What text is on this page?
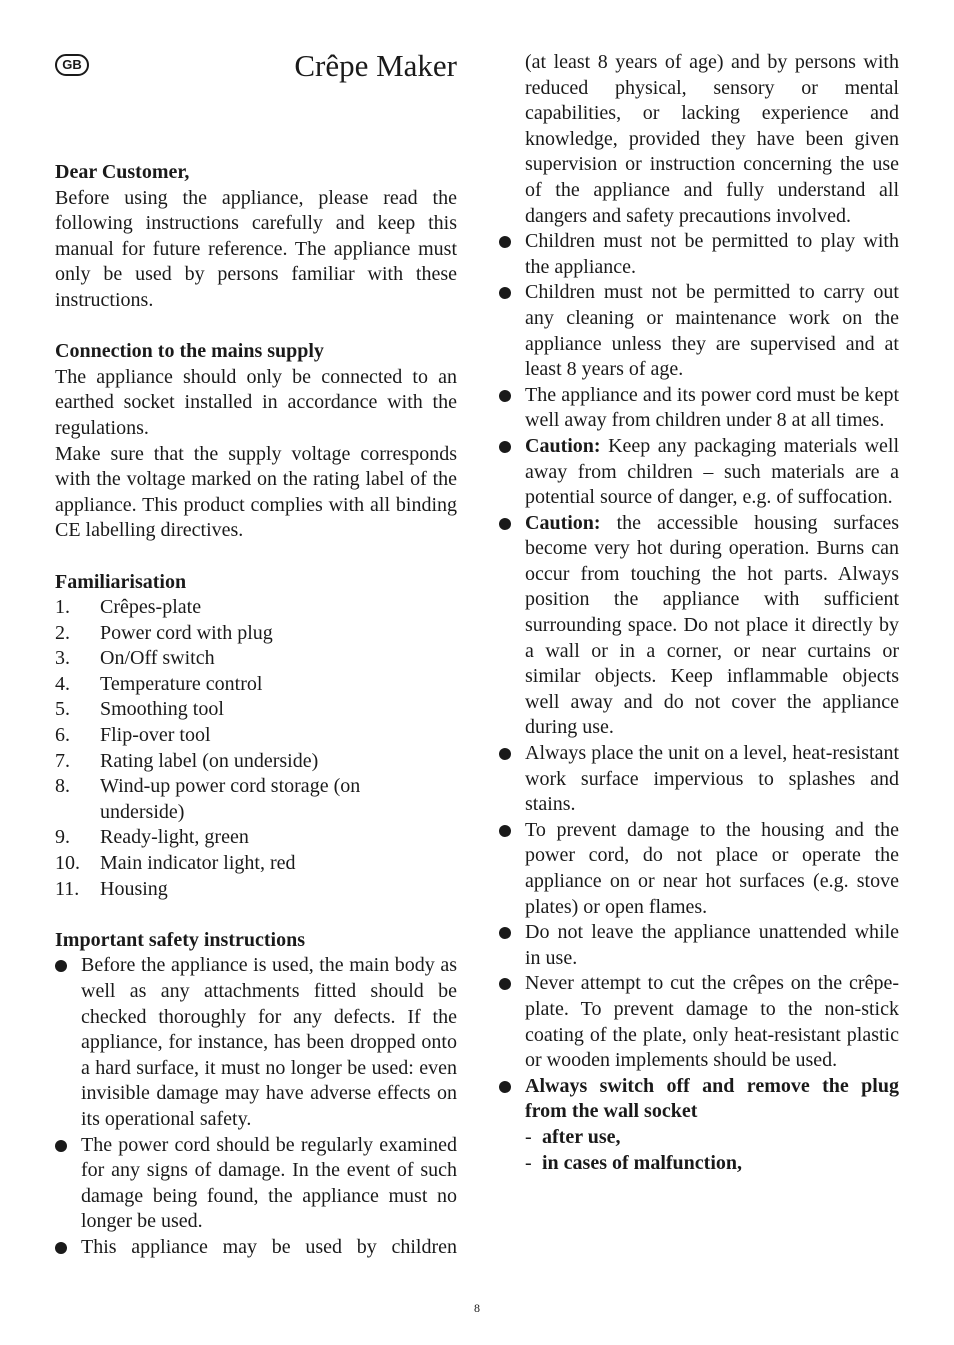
GB	Crêpe Maker

Dear Customer,

Before using the appliance, please read the following instructions carefully and keep this manual for future reference. The appliance must only be used by persons familiar with these instructions.

Connection to the mains supply

The appliance should only be connected to an earthed socket installed in accordance with the regulations.

Make sure that the supply voltage corresponds with the voltage marked on the rating label of the appliance. This product complies with all binding CE labelling directives.

Familiarisation

1.	Crêpes-plate
2.	Power cord with plug
3.	On/Off switch
4.	Temperature control
5.	Smoothing tool
6.	Flip-over tool
7.	Rating label (on underside)
8.	Wind-up power cord storage (on underside)
9.	Ready-light, green
10.	Main indicator light, red
11.	Housing

Important safety instructions

Before the appliance is used, the main body as well as any attachments fitted should be checked thoroughly for any defects. If the appliance, for instance, has been dropped onto a hard surface, it must no longer be used: even invisible damage may have adverse effects on its operational safety.
The power cord should be regularly examined for any signs of damage. In the event of such damage being found, the appliance must no longer be used.
This appliance may be used by children

(at least 8 years of age) and by persons with reduced physical, sensory or mental capabilities, or lacking experience and knowledge, provided they have been given supervision or instruction concerning the use of the appliance and fully understand all dangers and safety precautions involved.

Children must not be permitted to play with the appliance.
Children must not be permitted to carry out any cleaning or maintenance work on the appliance unless they are supervised and at least 8 years of age.
The appliance and its power cord must be kept well away from children under 8 at all times.
Caution: Keep any packaging materials well away from children – such materials are a potential source of danger, e.g. of suffocation.
Caution: the accessible housing surfaces become very hot during operation. Burns can occur from touching the hot parts. Always position the appliance with sufficient surrounding space. Do not place it directly by a wall or in a corner, or near curtains or similar objects. Keep inflammable objects well away and do not cover the appliance during use.
Always place the unit on a level, heat-resistant work surface impervious to splashes and stains.
To prevent damage to the housing and the power cord, do not place or operate the appliance on or near hot surfaces (e.g. stove plates) or open flames.
Do not leave the appliance unattended while in use.
Never attempt to cut the crêpes on the crêpe-plate. To prevent damage to the non-stick coating of the plate, only heat-resistant plastic or wooden implements should be used.
Always switch off and remove the plug from the wall socket
- after use,
- in cases of malfunction,
8
